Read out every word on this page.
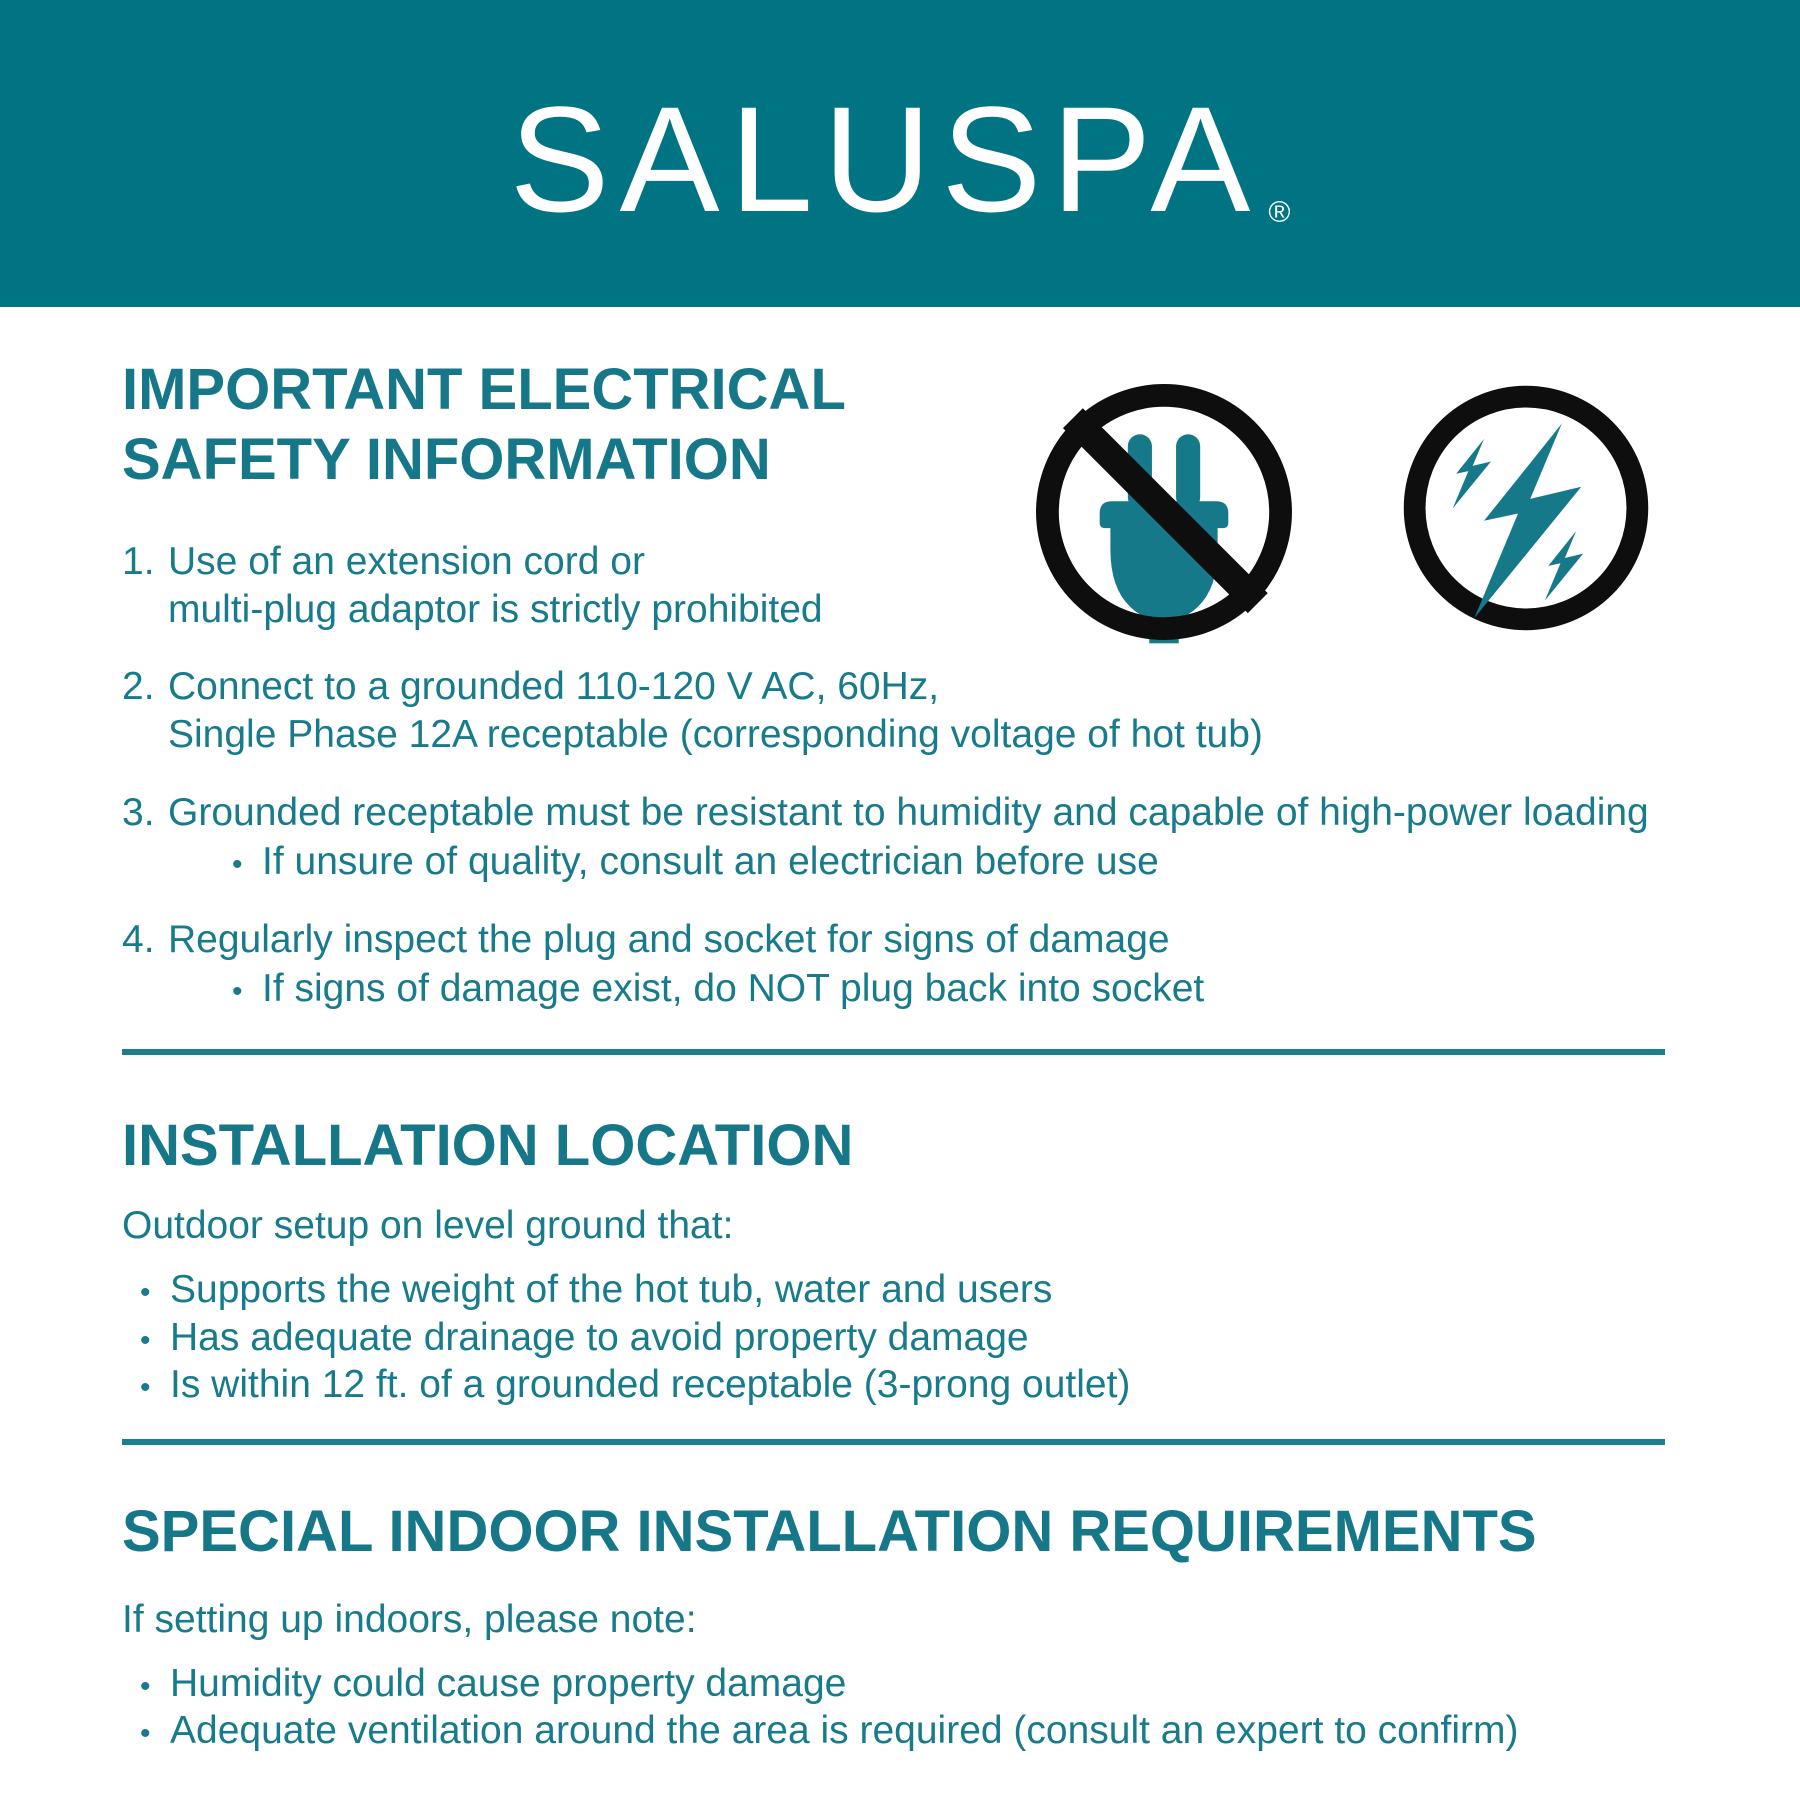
SALUSPA ®
IMPORTANT ELECTRICAL
SAFETY INFORMATION
1. Use of an extension cord or
multi-plug adaptor is strictly prohibited
2. Connect to a grounded 110-120 V AC, 60Hz,
Single Phase 12A receptable (corresponding voltage of hot tub)
3. Grounded receptable must be resistant to humidity and capable of high-power loading
• If unsure of quality, consult an electrician before use
4. Regularly inspect the plug and socket for signs of damage
• If signs of damage exist, do NOT plug back into socket
INSTALLATION LOCATION
Outdoor setup on level ground that:
• Supports the weight of the hot tub, water and users
• Has adequate drainage to avoid property damage
• Is within 12 ft. of a grounded receptable (3-prong outlet)
SPECIAL INDOOR INSTALLATION REQUIREMENTS
If setting up indoors, please note:
• Humidity could cause property damage
• Adequate ventilation around the area is required (consult an expert to confirm)
